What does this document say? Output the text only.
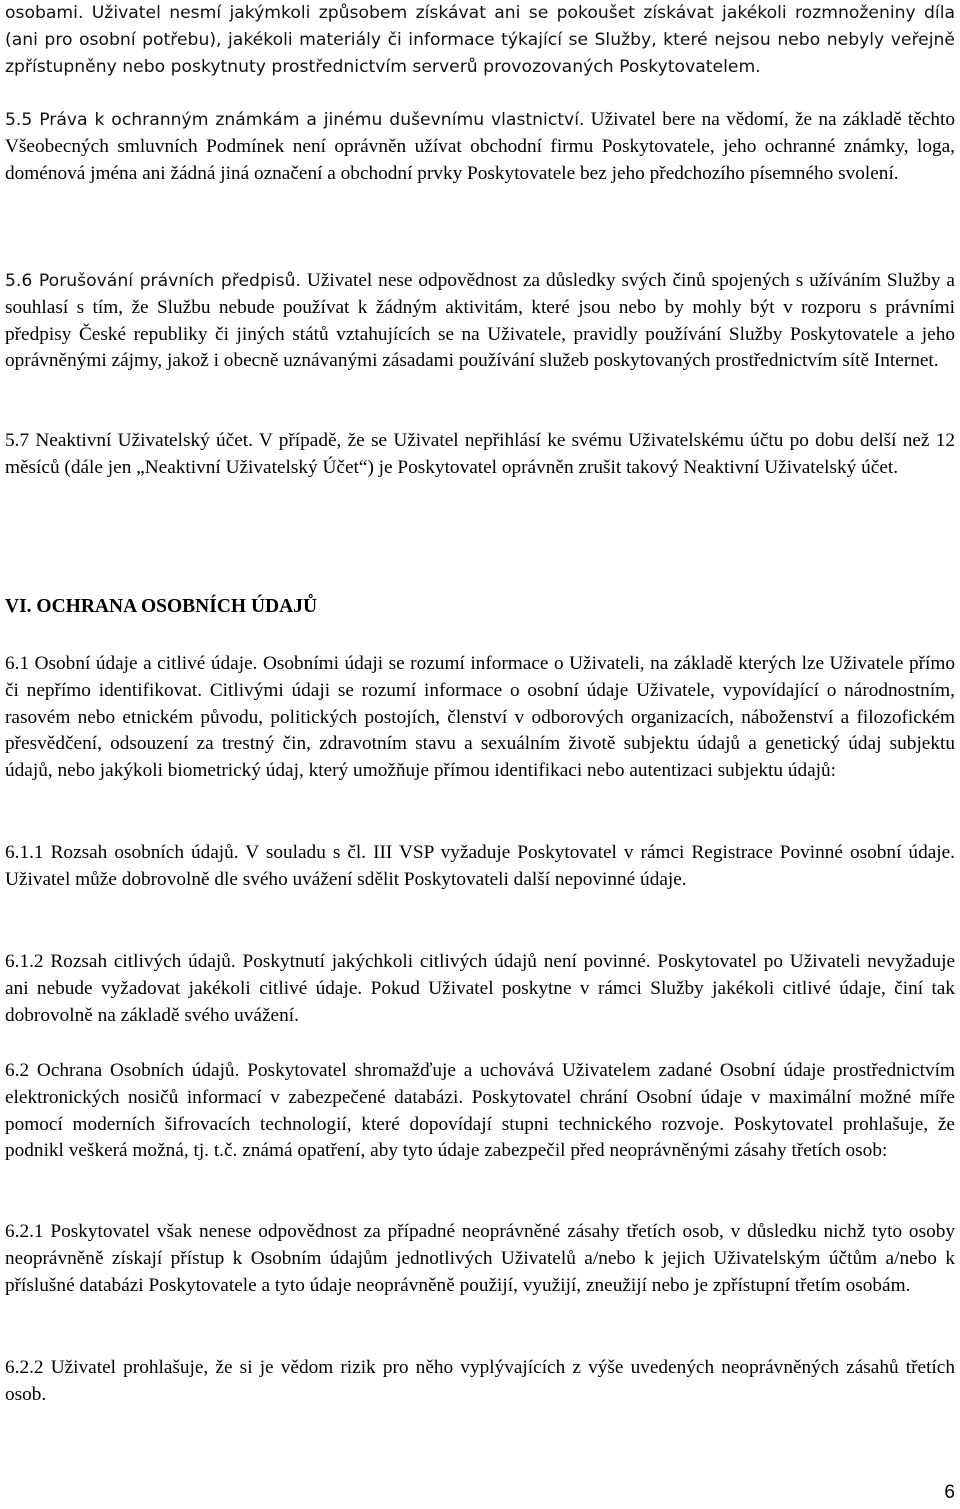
osobami. Uživatel nesmí jakýmkoli způsobem získávat ani se pokoušet získávat jakékoli rozmnoženiny díla (ani pro osobní potřebu), jakékoli materiály či informace týkající se Služby, které nejsou nebo nebyly veřejně zpřístupněny nebo poskytnuty prostřednictvím serverů provozovaných Poskytovatelem.

5.5 Práva k ochranným známkám a jinému duševnímu vlastnictví. Uživatel bere na vědomí, že na základě těchto Všeobecných smluvních Podmínek není oprávněn užívat obchodní firmu Poskytovatele, jeho ochranné známky, loga, doménová jména ani žádná jiná označení a obchodní prvky Poskytovatele bez jeho předchozího písemného svolení.

5.6 Porušování právních předpisů. Uživatel nese odpovědnost za důsledky svých činů spojených s užíváním Služby a souhlasí s tím, že Službu nebude používat k žádným aktivitám, které jsou nebo by mohly být v rozporu s právními předpisy České republiky či jiných států vztahujících se na Uživatele, pravidly používání Služby Poskytovatele a jeho oprávněnými zájmy, jakož i obecně uznávanými zásadami používání služeb poskytovaných prostřednictvím sítě Internet.

5.7 Neaktivní Uživatelský účet. V případě, že se Uživatel nepřihlásí ke svému Uživatelskému účtu po dobu delší než 12 měsíců (dále jen „Neaktivní Uživatelský Účet“) je Poskytovatel oprávněn zrušit takový Neaktivní Uživatelský účet.

VI. OCHRANA OSOBNÍCH ÚDAJŮ

6.1 Osobní údaje a citlivé údaje. Osobními údaji se rozumí informace o Uživateli, na základě kterých lze Uživatele přímo či nepřímo identifikovat. Citlivými údaji se rozumí informace o osobní údaje Uživatele, vypovídající o národnostním, rasovém nebo etnickém původu, politických postojích, členství v odborových organizacích, náboženství a filozofickém přesvědčení, odsouzení za trestný čin, zdravotním stavu a sexuálním životě subjektu údajů a genetický údaj subjektu údajů, nebo jakýkoli biometrický údaj, který umožňuje přímou identifikaci nebo autentizaci subjektu údajů:

6.1.1 Rozsah osobních údajů. V souladu s čl. III VSP vyžaduje Poskytovatel v rámci Registrace Povinné osobní údaje. Uživatel může dobrovolně dle svého uvážení sdělit Poskytovateli další nepovinné údaje.

6.1.2 Rozsah citlivých údajů. Poskytnutí jakýchkoli citlivých údajů není povinné. Poskytovatel po Uživateli nevyžaduje ani nebude vyžadovat jakékoli citlivé údaje. Pokud Uživatel poskytne v rámci Služby jakékoli citlivé údaje, činí tak dobrovolně na základě svého uvážení.

6.2 Ochrana Osobních údajů. Poskytovatel shromažďuje a uchovává Uživatelem zadané Osobní údaje prostřednictvím elektronických nosičů informací v zabezpečené databázi. Poskytovatel chrání Osobní údaje v maximální možné míře pomocí moderních šifrovacích technologií, které dopovídají stupni technického rozvoje. Poskytovatel prohlašuje, že podnikl veškerá možná, tj. t.č. známá opatření, aby tyto údaje zabezpečil před neoprávněnými zásahy třetích osob:

6.2.1 Poskytovatel však nenese odpovědnost za případné neoprávněné zásahy třetích osob, v důsledku nichž tyto osoby neoprávněně získají přístup k Osobním údajům jednotlivých Uživatelů a/nebo k jejich Uživatelským účtům a/nebo k příslušné databázi Poskytovatele a tyto údaje neoprávněně použijí, využijí, zneužijí nebo je zpřístupní třetím osobám.

6.2.2 Uživatel prohlašuje, že si je vědom rizik pro něho vyplývajících z výše uvedených neoprávněných zásahů třetích osob.

6
